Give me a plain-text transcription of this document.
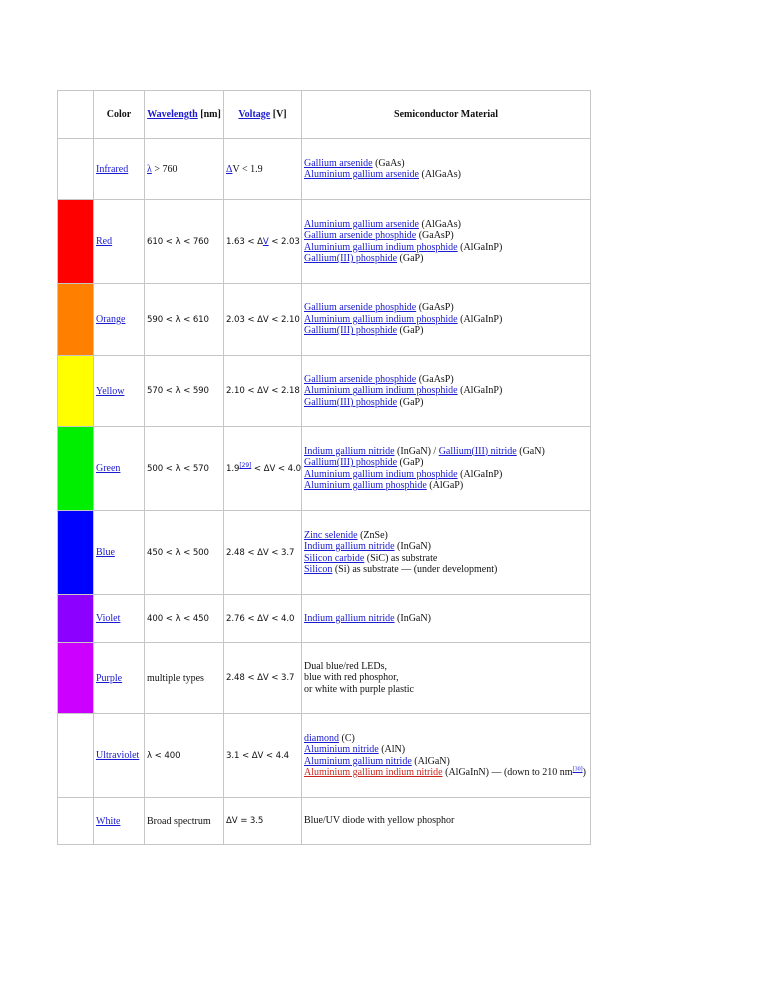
	Color	Wavelength [nm]	Voltage [V]	Semiconductor Material
	Infrared	λ > 760	ΔV < 1.9	Gallium arsenide (GaAs)
Aluminium gallium arsenide (AlGaAs)

	Red	610 < λ < 760	1.63 < ΔV < 2.03	Aluminium gallium arsenide (AlGaAs)
Gallium arsenide phosphide (GaAsP)
Aluminium gallium indium phosphide (AlGaInP)
Gallium(III) phosphide (GaP)

	Orange	590 < λ < 610	2.03 < ΔV < 2.10	Gallium arsenide phosphide (GaAsP)
Aluminium gallium indium phosphide (AlGaInP)
Gallium(III) phosphide (GaP)

	Yellow	570 < λ < 590	2.10 < ΔV < 2.18	Gallium arsenide phosphide (GaAsP)
Aluminium gallium indium phosphide (AlGaInP)
Gallium(III) phosphide (GaP)

	Green	500 < λ < 570	1.9[29] < ΔV < 4.0	Indium gallium nitride (InGaN) / Gallium(III) nitride (GaN)
Gallium(III) phosphide (GaP)
Aluminium gallium indium phosphide (AlGaInP)
Aluminium gallium phosphide (AlGaP)

	Blue	450 < λ < 500	2.48 < ΔV < 3.7	Zinc selenide (ZnSe)
Indium gallium nitride (InGaN)
Silicon carbide (SiC) as substrate
Silicon (Si) as substrate — (under development)

	Violet	400 < λ < 450	2.76 < ΔV < 4.0	Indium gallium nitride (InGaN)

	Purple	multiple types	2.48 < ΔV < 3.7	Dual blue/red LEDs,
blue with red phosphor,
or white with purple plastic

	Ultraviolet	λ < 400	3.1 < ΔV < 4.4	diamond (C)
Aluminium nitride (AlN)
Aluminium gallium nitride (AlGaN)
Aluminium gallium indium nitride (AlGaInN) — (down to 210 nm[30])

	White	Broad spectrum	ΔV = 3.5	Blue/UV diode with yellow phosphor
